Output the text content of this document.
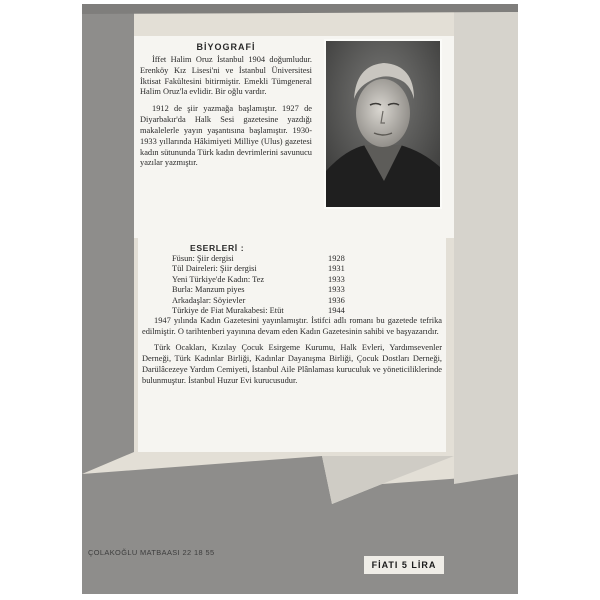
BİYOGRAFİ

İffet Halim Oruz İstanbul 1904 doğumludur. Erenköy Kız Lisesi'ni ve İstanbul Üniversitesi İktisat Fakültesini bitirmiştir. Emekli Tümgeneral Halim Oruz'la evlidir. Bir oğlu vardır.

1912 de şiir yazmağa başlamıştır. 1927 de Diyarbakır'da Halk Sesi gazetesine yazdığı makalelerle yayın yaşantısına başlamıştır. 1930-1933 yıllarında Hâkimiyeti Milliye (Ulus) gazetesi kadın sütununda Türk kadın devrimlerini savunucu yazılar yazmıştır.

ESERLERİ :
Füsun: Şiir dergisi	1928
Tül Daireleri: Şiir dergisi	1931
Yeni Türkiye'de Kadın: Tez	1933
Burla: Manzum piyes	1933
Arkadaşlar: Söyievler	1936
Türkiye de Fiat Murakabesi: Etüt	1944

1947 yılında Kadın Gazetesini yayınlamıştır. İstifci adlı romanı bu gazetede tefrika edilmiştir. O tarihtenberi yayınına devam eden Kadın Gazetesinin sahibi ve başyazarıdır.

Türk Ocakları, Kızılay Çocuk Esirgeme Kurumu, Halk Evleri, Yardımsevenler Derneği, Türk Kadınlar Birliği, Kadınlar Dayanışma Birliği, Çocuk Dostları Derneği, Darülâcezeye Yardım Cemiyeti, İstanbul Aile Plânlaması kuruculuk ve yöneticiliklerinde bulunmuştur. İstanbul Huzur Evi kurucusudur.

ÇOLAKOĞLU MATBAASI 22 18 55
FİATI 5 LİRA
